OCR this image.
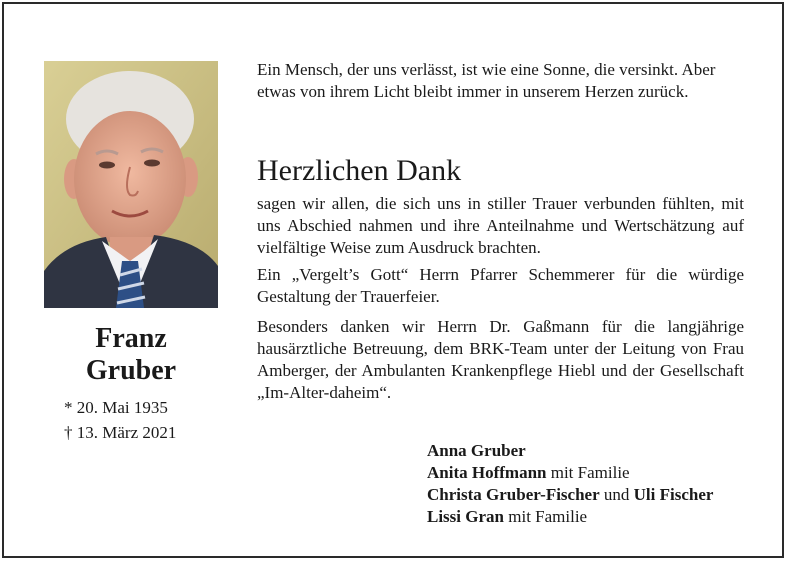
Franz
Gruber
* 20. Mai 1935
† 13. März 2021
Ein Mensch, der uns verlässt, ist wie eine Sonne, die versinkt. Aber etwas von ihrem Licht bleibt immer in unserem Herzen zurück.
Herzlichen Dank
sagen wir allen, die sich uns in stiller Trauer verbunden fühlten, mit uns Abschied nahmen und ihre Anteilnahme und Wertschätzung auf vielfältige Weise zum Ausdruck brachten.
Ein „Vergelt’s Gott“ Herrn Pfarrer Schemmerer für die würdige Gestaltung der Trauerfeier.
Besonders danken wir Herrn Dr. Gaßmann für die langjährige hausärztliche Betreuung, dem BRK-Team unter der Leitung von Frau Amberger, der Ambulanten Krankenpflege Hiebl und der Gesellschaft „Im-Alter-daheim“.
Anna Gruber
Anita Hoffmann mit Familie
Christa Gruber-Fischer und Uli Fischer
Lissi Gran mit Familie
